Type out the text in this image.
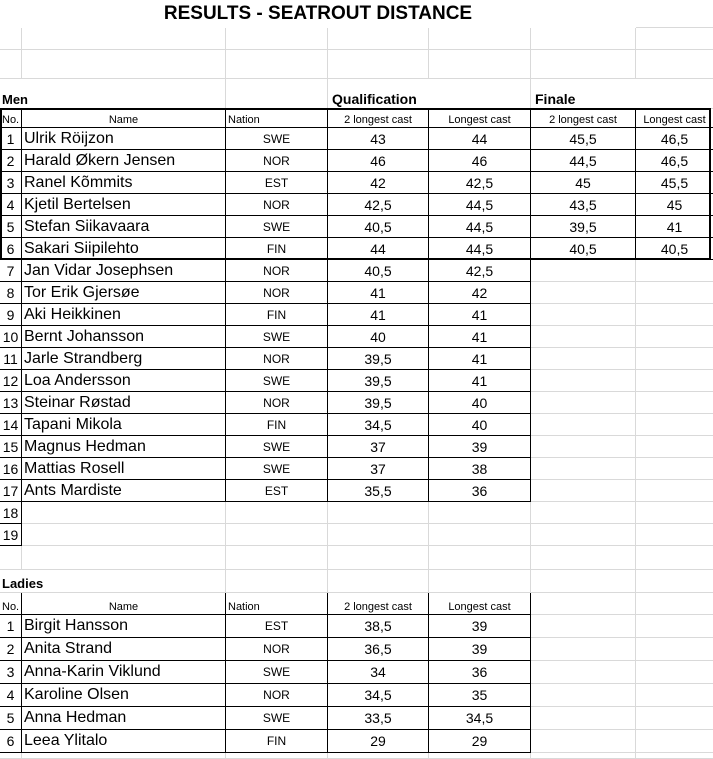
RESULTS - SEATROUT DISTANCE
Men	Qualification	Finale
No.	Name	Nation	2 longest cast	Longest cast	2 longest cast	Longest cast
1 Ulrik Röijzon	SWE	43	44	45,5	46,5
2 Harald Økern Jensen	NOR	46	46	44,5	46,5
3 Ranel Kõmmits	EST	42	42,5	45	45,5
4 Kjetil Bertelsen	NOR	42,5	44,5	43,5	45
5 Stefan Siikavaara	SWE	40,5	44,5	39,5	41
6 Sakari Siipilehto	FIN	44	44,5	40,5	40,5
7 Jan Vidar Josephsen	NOR	40,5	42,5
8 Tor Erik Gjersøe	NOR	41	42
9 Aki Heikkinen	FIN	41	41
10 Bernt Johansson	SWE	40	41
11 Jarle Strandberg	NOR	39,5	41
12 Loa Andersson	SWE	39,5	41
13 Steinar Røstad	NOR	39,5	40
14 Tapani Mikola	FIN	34,5	40
15 Magnus Hedman	SWE	37	39
16 Mattias Rosell	SWE	37	38
17 Ants Mardiste	EST	35,5	36
18
19
Ladies
No.	Name	Nation	2 longest cast	Longest cast
1 Birgit Hansson	EST	38,5	39
2 Anita Strand	NOR	36,5	39
3 Anna-Karin Viklund	SWE	34	36
4 Karoline Olsen	NOR	34,5	35
5 Anna Hedman	SWE	33,5	34,5
6 Leea Ylitalo	FIN	29	29
